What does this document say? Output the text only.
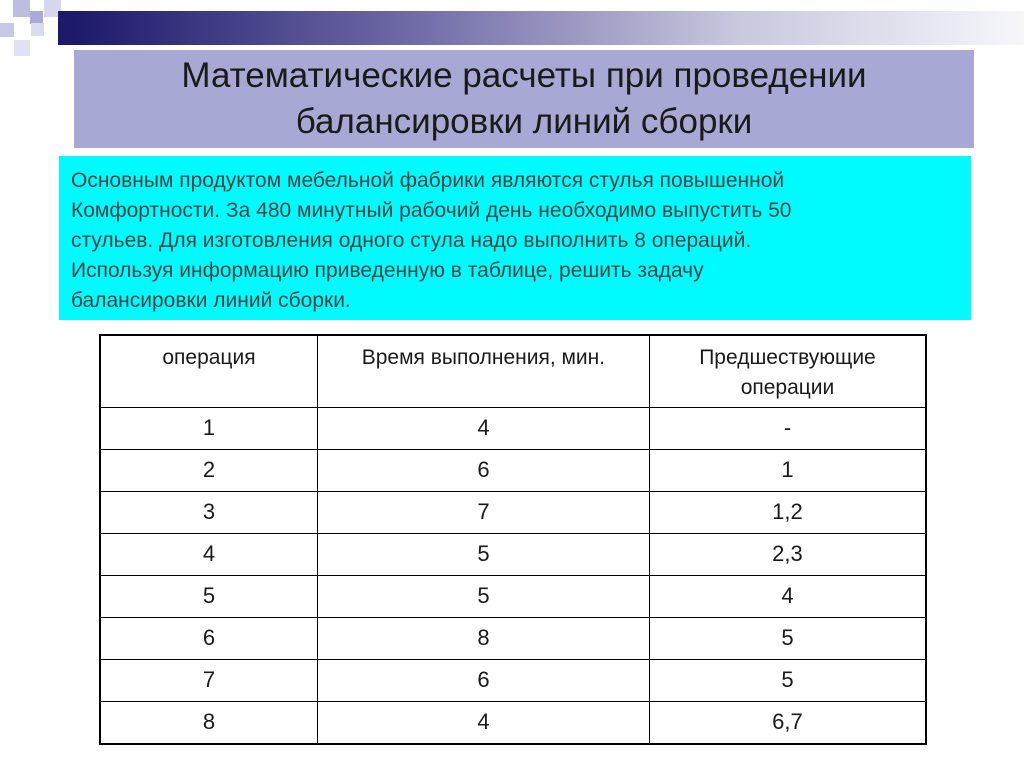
Математические расчеты при проведении
балансировки линий сборки

Основным продуктом мебельной фабрики являются стулья повышенной
Комфортности. За 480 минутный рабочий день необходимо выпустить 50
стульев. Для изготовления одного стула надо выполнить 8 операций.
Используя информацию приведенную в таблице, решить задачу
балансировки линий сборки.

операция	Время выполнения, мин.	Предшествующие
операции
1	4	-
2	6	1
3	7	1,2
4	5	2,3
5	5	4
6	8	5
7	6	5
8	4	6,7
